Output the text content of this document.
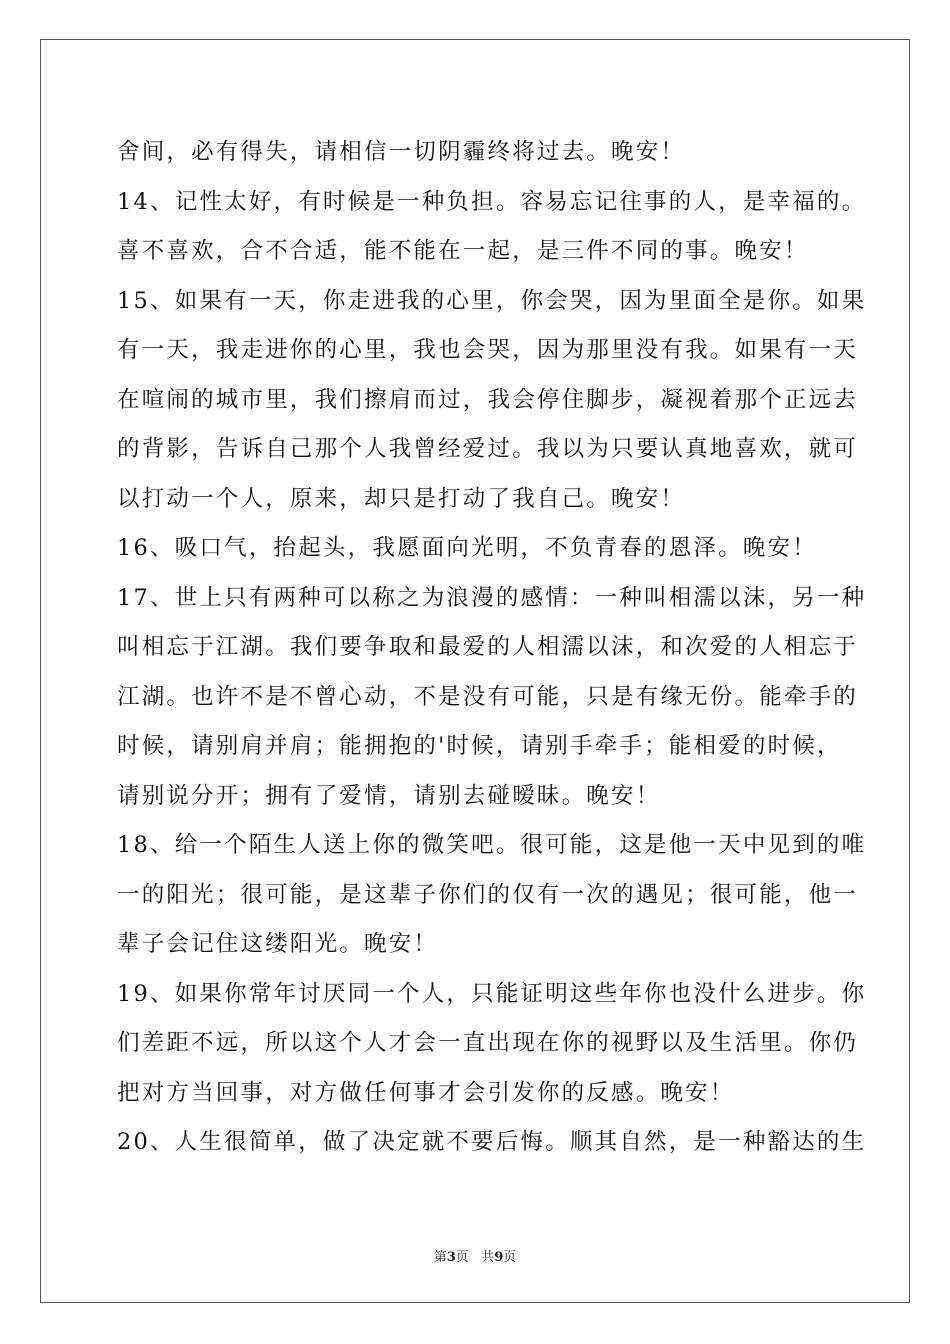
舍间，必有得失，请相信一切阴霾终将过去。晚安！
14、记性太好，有时候是一种负担。容易忘记往事的人，是幸福的。
喜不喜欢，合不合适，能不能在一起，是三件不同的事。晚安！
15、如果有一天，你走进我的心里，你会哭，因为里面全是你。如果
有一天，我走进你的心里，我也会哭，因为那里没有我。如果有一天
在喧闹的城市里，我们擦肩而过，我会停住脚步，凝视着那个正远去
的背影，告诉自己那个人我曾经爱过。我以为只要认真地喜欢，就可
以打动一个人，原来，却只是打动了我自己。晚安！
16、吸口气，抬起头，我愿面向光明，不负青春的恩泽。晚安！
17、世上只有两种可以称之为浪漫的感情：一种叫相濡以沫，另一种
叫相忘于江湖。我们要争取和最爱的人相濡以沫，和次爱的人相忘于
江湖。也许不是不曾心动，不是没有可能，只是有缘无份。能牵手的
时候，请别肩并肩；能拥抱的'时候，请别手牵手；能相爱的时候，
请别说分开；拥有了爱情，请别去碰暧昧。晚安！
18、给一个陌生人送上你的微笑吧。很可能，这是他一天中见到的唯
一的阳光；很可能，是这辈子你们的仅有一次的遇见；很可能，他一
辈子会记住这缕阳光。晚安！
19、如果你常年讨厌同一个人，只能证明这些年你也没什么进步。你
们差距不远，所以这个人才会一直出现在你的视野以及生活里。你仍
把对方当回事，对方做任何事才会引发你的反感。晚安！
20、人生很简单，做了决定就不要后悔。顺其自然，是一种豁达的生
第3页 共9页
